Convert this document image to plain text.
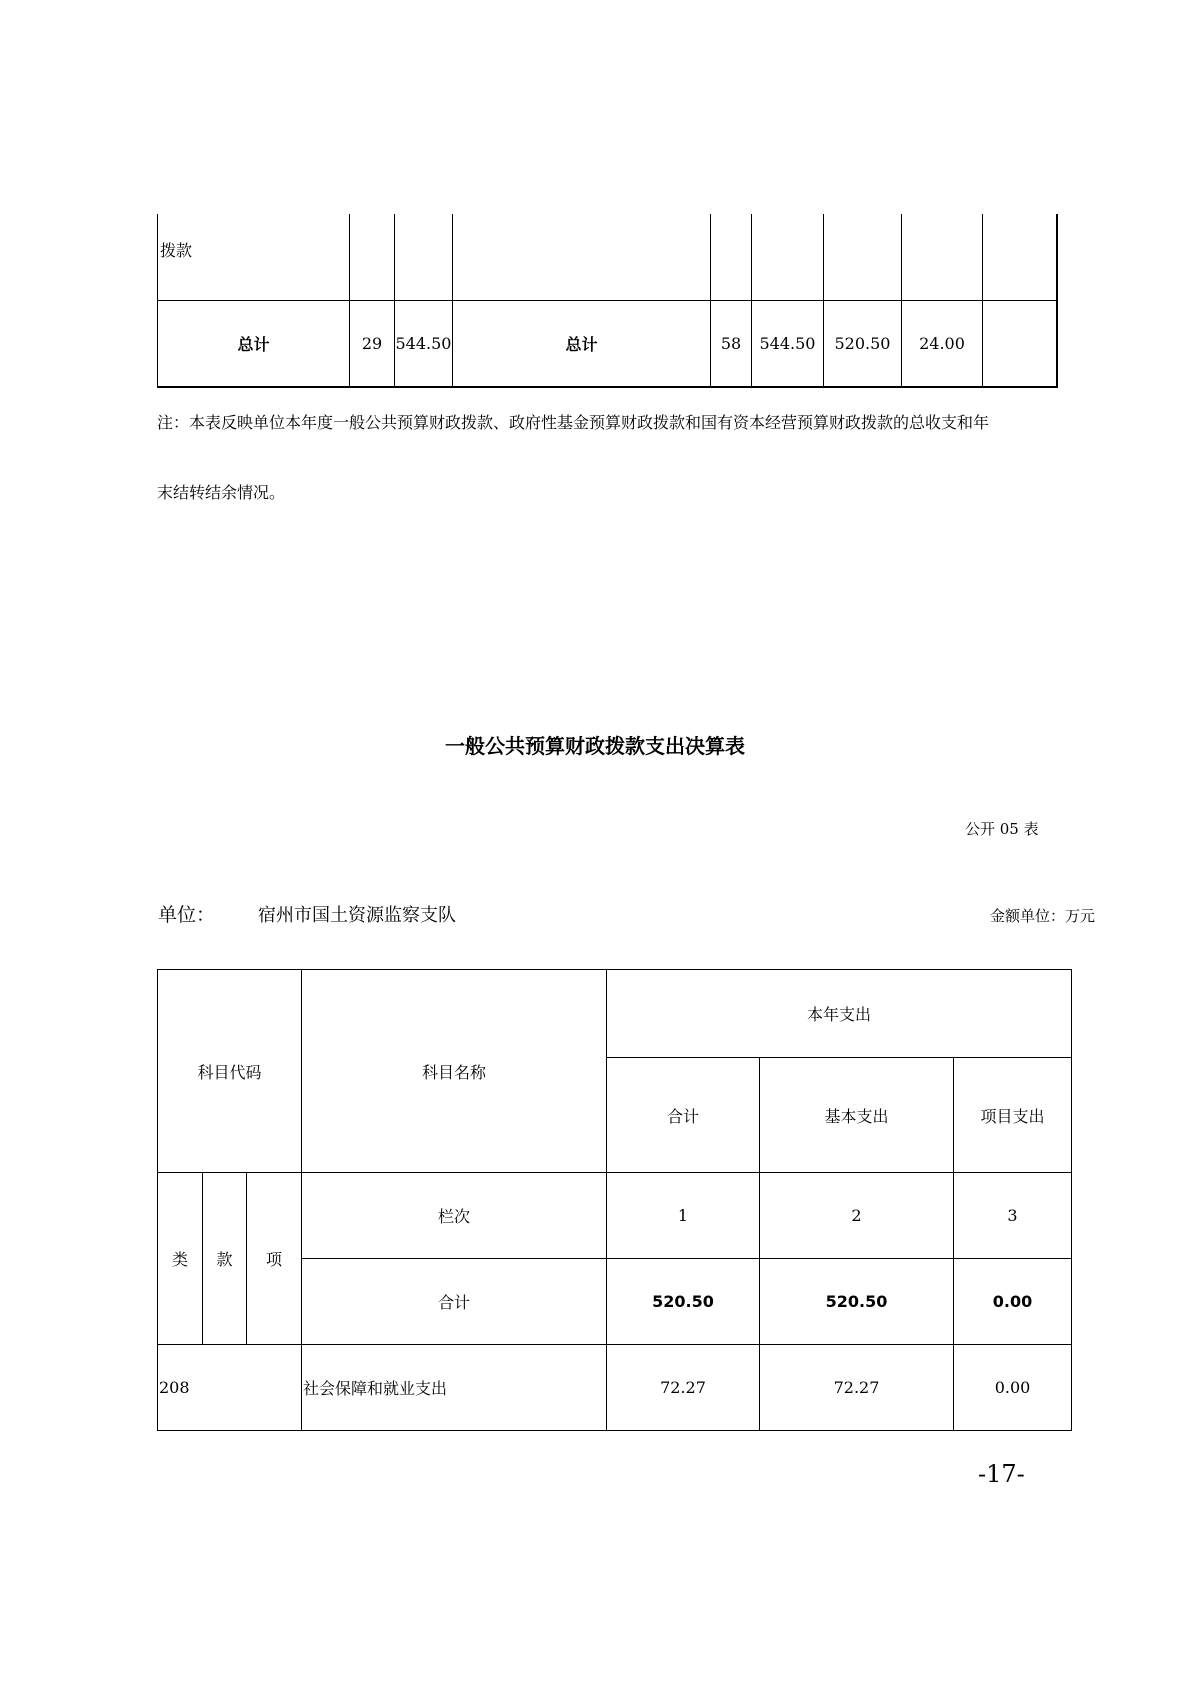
拨款								
总计	29	544.50	总计	58	544.50	520.50	24.00	
注：本表反映单位本年度一般公共预算财政拨款、政府性基金预算财政拨款和国有资本经营预算财政拨款的总收支和年
末结转结余情况。
一般公共预算财政拨款支出决算表
公开 05 表
单位： 宿州市国土资源监察支队	金额单位：万元
科目代码			科目名称	本年支出		
				合计	基本支出	项目支出
类	款	项	栏次	1	2	3
			合计	520.50	520.50	0.00
208			社会保障和就业支出	72.27	72.27	0.00
-17-
